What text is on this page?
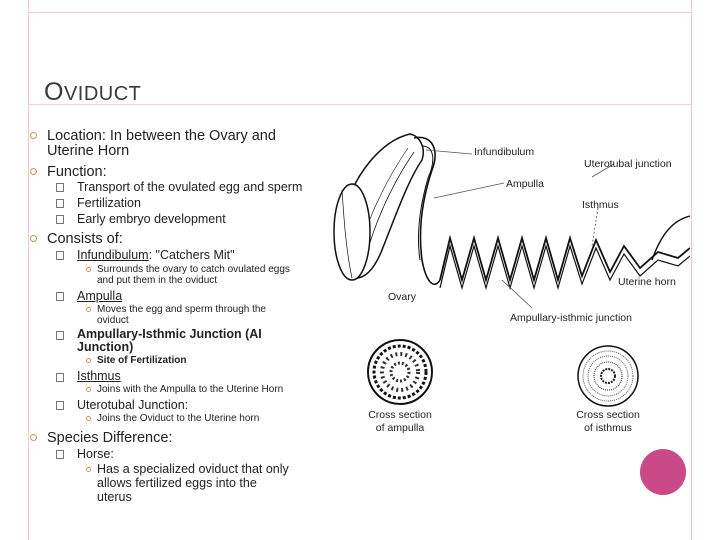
OVIDUCT
Location: In between the Ovary and
Uterine Horn
Function:
Transport of the ovulated egg and sperm
Fertilization
Early embryo development
Consists of:
Infundibulum: "Catchers Mit"
Surrounds the ovary to catch ovulated eggs
and put them in the oviduct
Ampulla
Moves the egg and sperm through the
oviduct
Ampullary-Isthmic Junction (AI
Junction)
Site of Fertilization
Isthmus
Joins with the Ampulla to the Uterine Horn
Uterotubal Junction:
Joins the Oviduct to the Uterine horn
Species Difference:
Horse:
Has a specialized oviduct that only
allows fertilized eggs into the
uterus
Infundibulum
Uterotubal junction
Ampulla
Isthmus
Uterine horn
Ovary
Ampullary-isthmic junction
Cross section
of ampulla
Cross section
of isthmus
